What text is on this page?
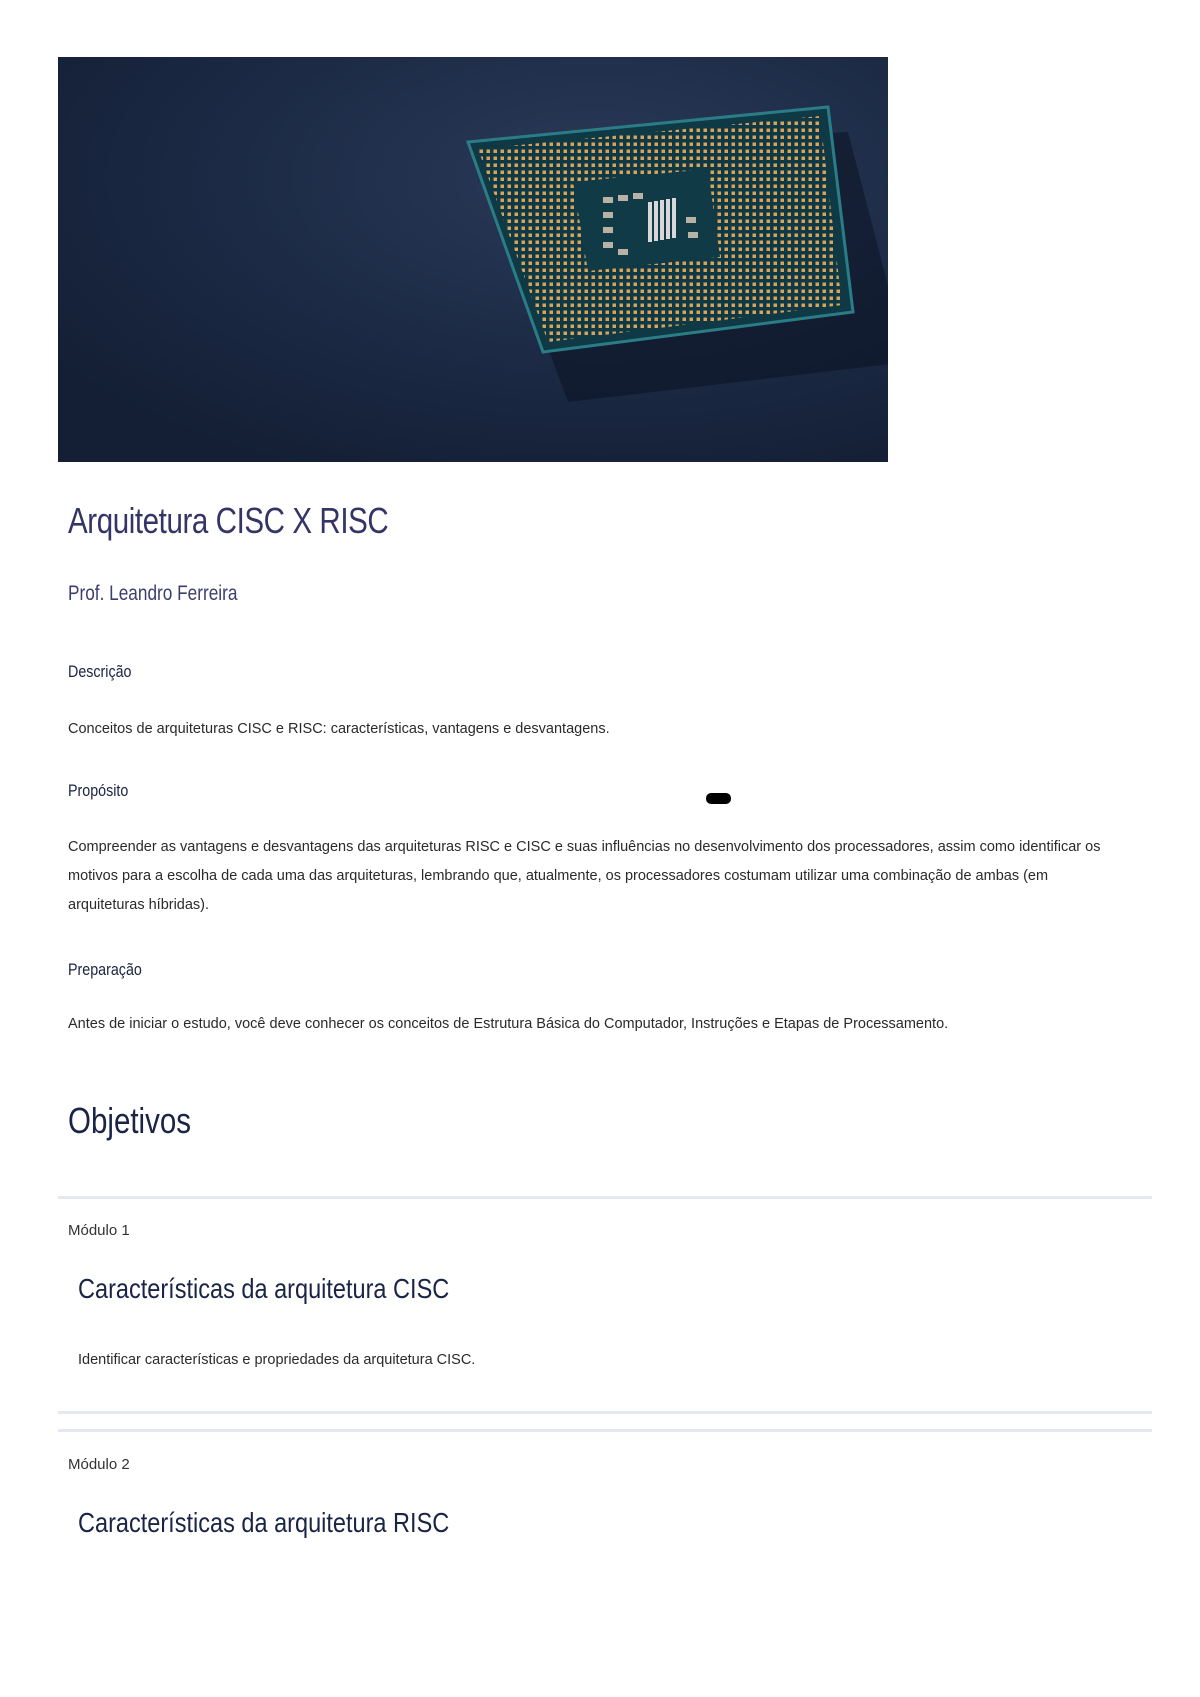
Arquitetura CISC X RISC
Prof. Leandro Ferreira
Descrição
Conceitos de arquiteturas CISC e RISC: características, vantagens e desvantagens.
Propósito
Compreender as vantagens e desvantagens das arquiteturas RISC e CISC e suas influências no desenvolvimento dos processadores, assim como identificar os motivos para a escolha de cada uma das arquiteturas, lembrando que, atualmente, os processadores costumam utilizar uma combinação de ambas (em arquiteturas híbridas).
Preparação
Antes de iniciar o estudo, você deve conhecer os conceitos de Estrutura Básica do Computador, Instruções e Etapas de Processamento.
Objetivos
Módulo 1
Características da arquitetura CISC
Identificar características e propriedades da arquitetura CISC.
Módulo 2
Características da arquitetura RISC
